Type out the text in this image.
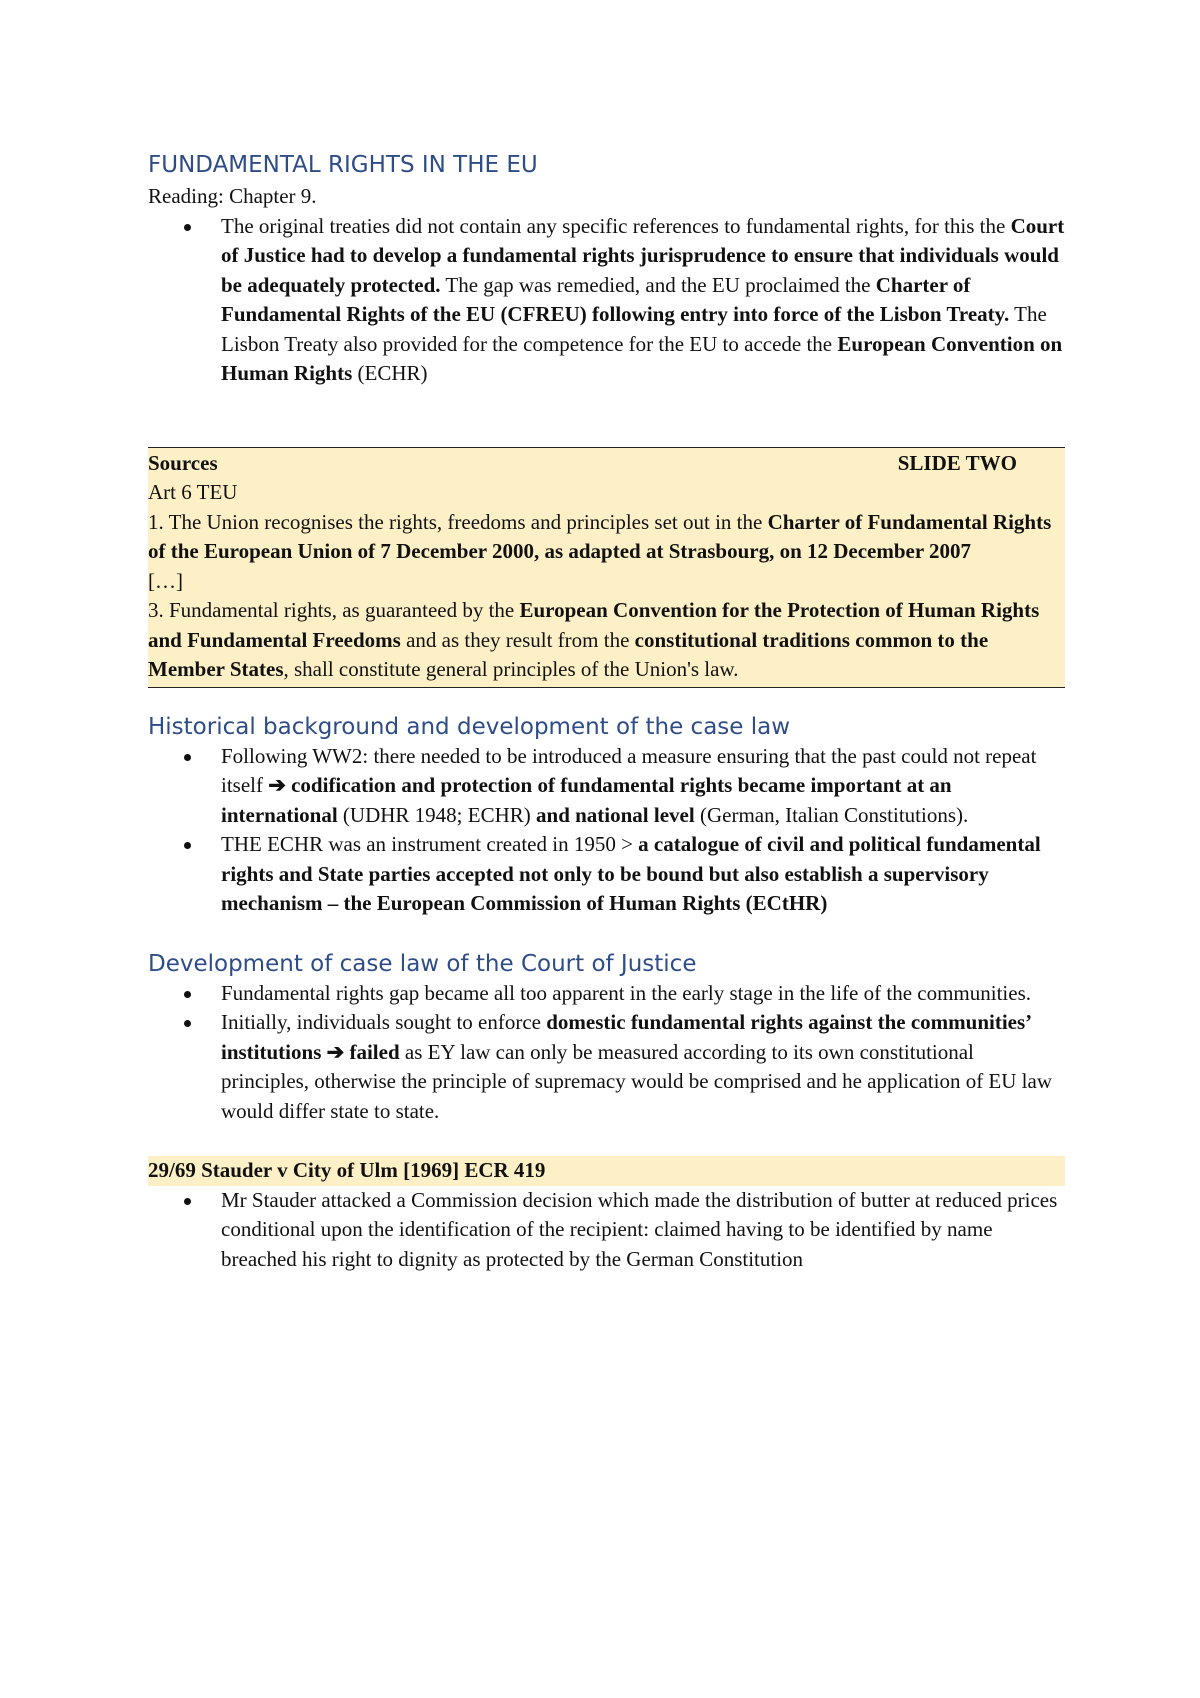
FUNDAMENTAL RIGHTS IN THE EU

Reading: Chapter 9.

The original treaties did not contain any specific references to fundamental rights, for this the Court of Justice had to develop a fundamental rights jurisprudence to ensure that individuals would be adequately protected. The gap was remedied, and the EU proclaimed the Charter of Fundamental Rights of the EU (CFREU) following entry into force of the Lisbon Treaty. The Lisbon Treaty also provided for the competence for the EU to accede the European Convention on Human Rights (ECHR)
Sources	SLIDE TWO

Art 6 TEU

1. The Union recognises the rights, freedoms and principles set out in the Charter of Fundamental Rights of the European Union of 7 December 2000, as adapted at Strasbourg, on 12 December 2007

[…]

3. Fundamental rights, as guaranteed by the European Convention for the Protection of Human Rights and Fundamental Freedoms and as they result from the constitutional traditions common to the Member States, shall constitute general principles of the Union's law.

Historical background and development of the case law
Following WW2: there needed to be introduced a measure ensuring that the past could not repeat itself ➔ codification and protection of fundamental rights became important at an international (UDHR 1948; ECHR) and national level (German, Italian Constitutions).
THE ECHR was an instrument created in 1950 > a catalogue of civil and political fundamental rights and State parties accepted not only to be bound but also establish a supervisory mechanism – the European Commission of Human Rights (ECtHR)
Development of case law of the Court of Justice
Fundamental rights gap became all too apparent in the early stage in the life of the communities.
Initially, individuals sought to enforce domestic fundamental rights against the communities’ institutions ➔ failed as EY law can only be measured according to its own constitutional principles, otherwise the principle of supremacy would be comprised and he application of EU law would differ state to state.
29/69 Stauder v City of Ulm [1969] ECR 419
Mr Stauder attacked a Commission decision which made the distribution of butter at reduced prices conditional upon the identification of the recipient: claimed having to be identified by name breached his right to dignity as protected by the German Constitution
